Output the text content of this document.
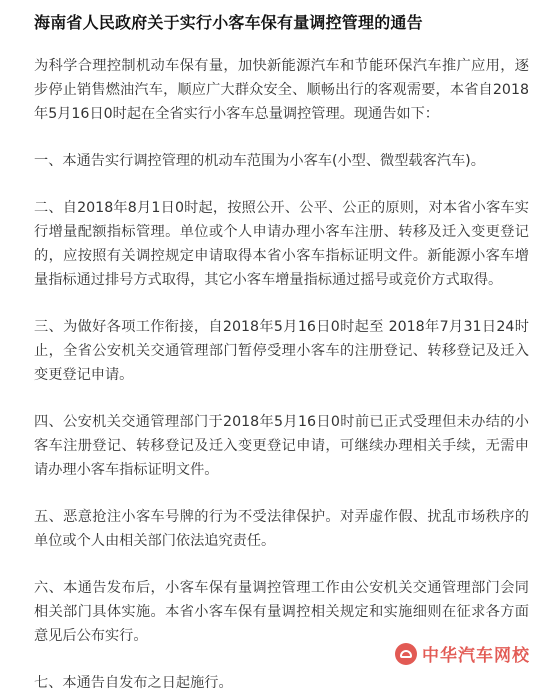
海南省人民政府关于实行小客车保有量调控管理的通告

为科学合理控制机动车保有量，加快新能源汽车和节能环保汽车推广应用，逐步停止销售燃油汽车，顺应广大群众安全、顺畅出行的客观需要，本省自2018年5月16日0时起在全省实行小客车总量调控管理。现通告如下：

一、本通告实行调控管理的机动车范围为小客车(小型、微型载客汽车)。

二、自2018年8月1日0时起，按照公开、公平、公正的原则，对本省小客车实行增量配额指标管理。单位或个人申请办理小客车注册、转移及迁入变更登记的，应按照有关调控规定申请取得本省小客车指标证明文件。新能源小客车增量指标通过排号方式取得，其它小客车增量指标通过摇号或竞价方式取得。

三、为做好各项工作衔接，自2018年5月16日0时起至 2018年7月31日24时止，全省公安机关交通管理部门暂停受理小客车的注册登记、转移登记及迁入变更登记申请。

四、公安机关交通管理部门于2018年5月16日0时前已正式受理但未办结的小客车注册登记、转移登记及迁入变更登记申请，可继续办理相关手续，无需申请办理小客车指标证明文件。

五、恶意抢注小客车号牌的行为不受法律保护。对弄虚作假、扰乱市场秩序的单位或个人由相关部门依法追究责任。

六、本通告发布后，小客车保有量调控管理工作由公安机关交通管理部门会同相关部门具体实施。本省小客车保有量调控相关规定和实施细则在征求各方面意见后公布实行。

七、本通告自发布之日起施行。

中华汽车网校
